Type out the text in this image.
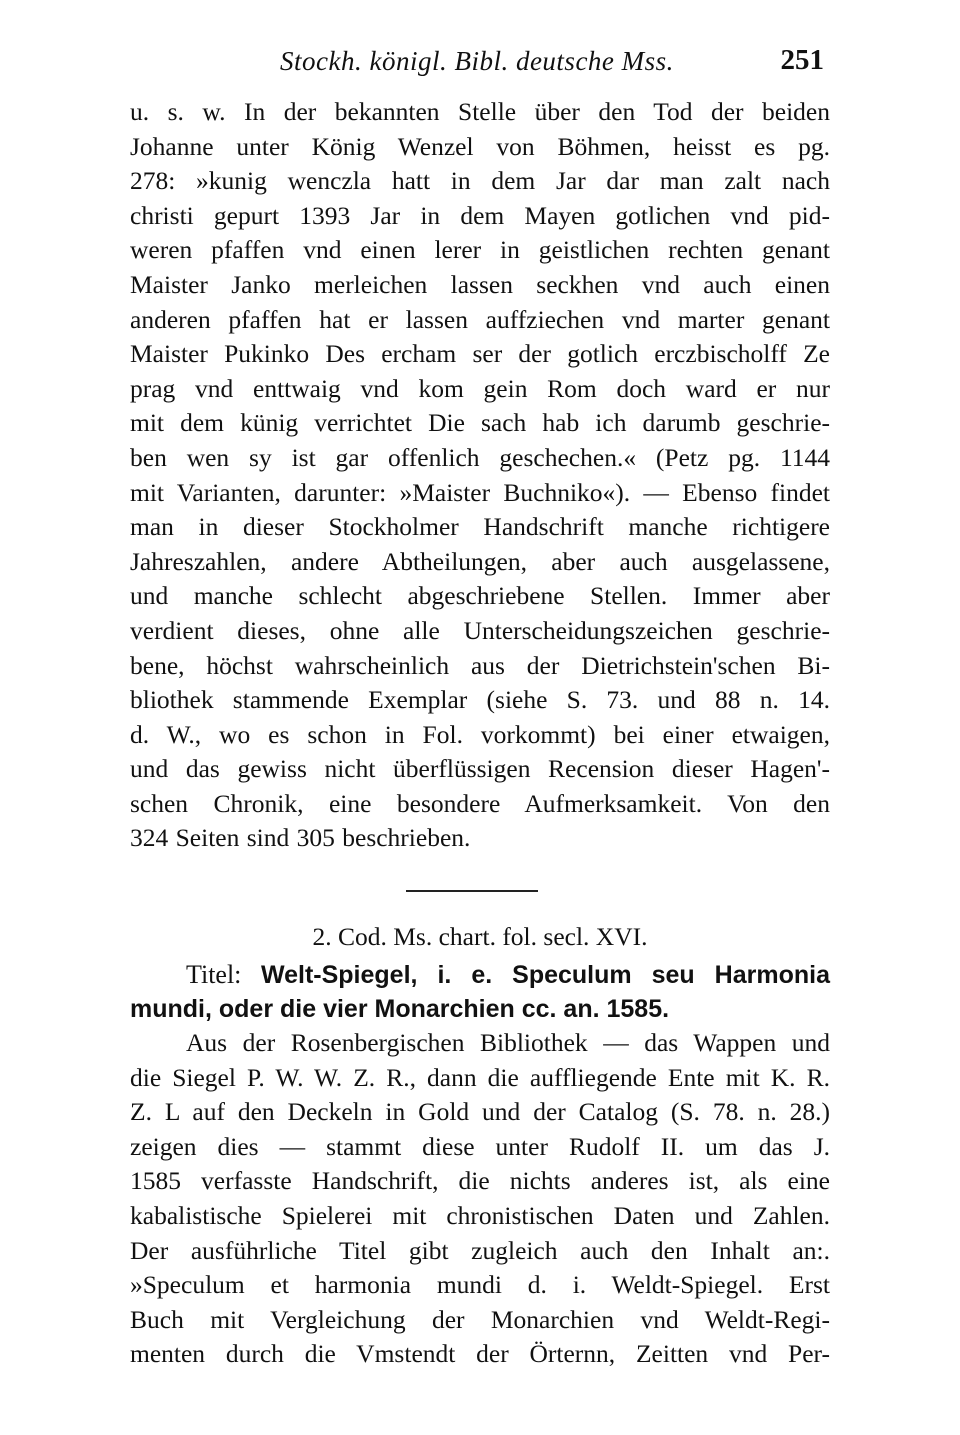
Stockh. königl. Bibl. deutsche Mss.	251

u. s. w. In der bekannten Stelle über den Tod der beiden
Johanne unter König Wenzel von Böhmen, heisst es pg.
278: »kunig wenczla hatt in dem Jar dar man zalt nach
christi gepurt 1393 Jar in dem Mayen gotlichen vnd pid-
weren pfaffen vnd einen lerer in geistlichen rechten genant
Maister Janko merleichen lassen seckhen vnd auch einen
anderen pfaffen hat er lassen auffziechen vnd marter genant
Maister Pukinko Des ercham ser der gotlich erczbischolff Ze
prag vnd enttwaig vnd kom gein Rom doch ward er nur
mit dem künig verrichtet Die sach hab ich darumb geschrie-
ben wen sy ist gar offenlich geschechen.« (Petz pg. 1144
mit Varianten, darunter: »Maister Buchniko«). — Ebenso findet
man in dieser Stockholmer Handschrift manche richtigere
Jahreszahlen, andere Abtheilungen, aber auch ausgelassene,
und manche schlecht abgeschriebene Stellen. Immer aber
verdient dieses, ohne alle Unterscheidungszeichen geschrie-
bene, höchst wahrscheinlich aus der Dietrichstein'schen Bi-
bliothek stammende Exemplar (siehe S. 73. und 88 n. 14.
d. W., wo es schon in Fol. vorkommt) bei einer etwaigen,
und das gewiss nicht überflüssigen Recension dieser Hagen'-
schen Chronik, eine besondere Aufmerksamkeit. Von den
324 Seiten sind 305 beschrieben.

2. Cod. Ms. chart. fol. secl. XVI.

Titel: Welt-Spiegel, i. e. Speculum seu Harmonia
mundi, oder die vier Monarchien cc. an. 1585.

Aus der Rosenbergischen Bibliothek — das Wappen und
die Siegel P. W. W. Z. R., dann die auffliegende Ente mit K. R.
Z. L auf den Deckeln in Gold und der Catalog (S. 78. n. 28.)
zeigen dies — stammt diese unter Rudolf II. um das J.
1585 verfasste Handschrift, die nichts anderes ist, als eine
kabalistische Spielerei mit chronistischen Daten und Zahlen.
Der ausführliche Titel gibt zugleich auch den Inhalt an:.
»Speculum et harmonia mundi d. i. Weldt-Spiegel. Erst
Buch mit Vergleichung der Monarchien vnd Weldt-Regi-
menten durch die Vmstendt der Örternn, Zeitten vnd Per-
